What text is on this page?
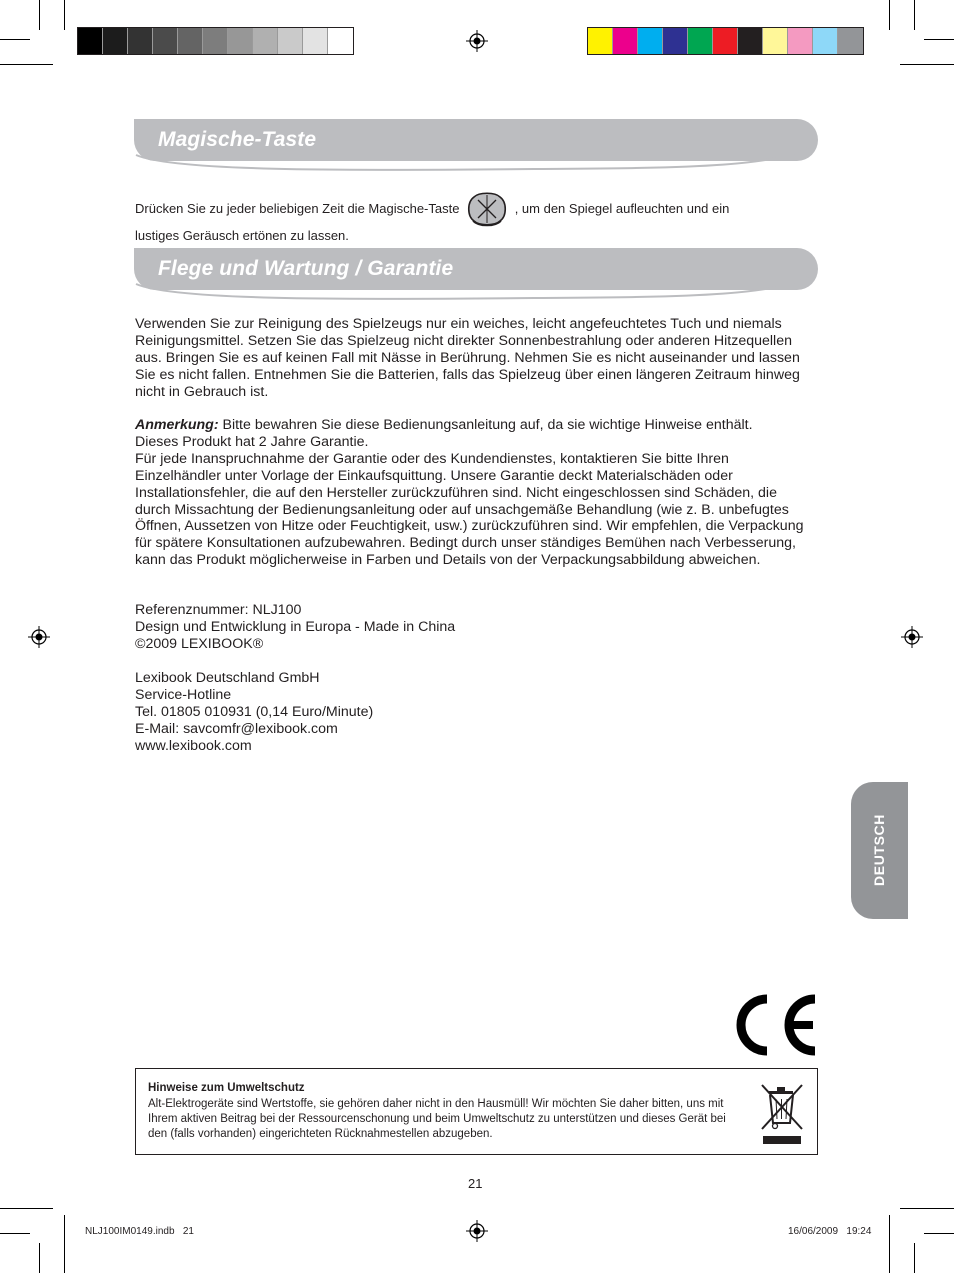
Magische-Taste
Drücken Sie zu jeder beliebigen Zeit die Magische-Taste	, um den Spiegel aufleuchten und ein
lustiges Geräusch ertönen zu lassen.
Flege und Wartung / Garantie
Verwenden Sie zur Reinigung des Spielzeugs nur ein weiches, leicht angefeuchtetes Tuch und niemals Reinigungsmittel. Setzen Sie das Spielzeug nicht direkter Sonnenbestrahlung oder anderen Hitzequellen aus. Bringen Sie es auf keinen Fall mit Nässe in Berührung. Nehmen Sie es nicht auseinander und lassen Sie es nicht fallen. Entnehmen Sie die Batterien, falls das Spielzeug über einen längeren Zeitraum hinweg nicht in Gebrauch ist.
Anmerkung: Bitte bewahren Sie diese Bedienungsanleitung auf, da sie wichtige Hinweise enthält.
Dieses Produkt hat 2 Jahre Garantie.
Für jede Inanspruchnahme der Garantie oder des Kundendienstes, kontaktieren Sie bitte Ihren Einzelhändler unter Vorlage der Einkaufsquittung. Unsere Garantie deckt Materialschäden oder Installationsfehler, die auf den Hersteller zurückzuführen sind. Nicht eingeschlossen sind Schäden, die durch Missachtung der Bedienungsanleitung oder auf unsachgemäße Behandlung (wie z. B. unbefugtes Öffnen, Aussetzen von Hitze oder Feuchtigkeit, usw.) zurückzuführen sind. Wir empfehlen, die Verpackung für spätere Konsultationen aufzubewahren. Bedingt durch unser ständiges Bemühen nach Verbesserung, kann das Produkt möglicherweise in Farben und Details von der Verpackungsabbildung abweichen.
Referenznummer: NLJ100
Design und Entwicklung in Europa - Made in China
©2009 LEXIBOOK®
Lexibook Deutschland GmbH
Service-Hotline
Tel. 01805 010931 (0,14 Euro/Minute)
E-Mail: savcomfr@lexibook.com
www.lexibook.com
DEUTSCH
Hinweise zum Umweltschutz
Alt-Elektrogeräte sind Wertstoffe, sie gehören daher nicht in den Hausmüll! Wir möchten Sie daher bitten, uns mit Ihrem aktiven Beitrag bei der Ressourcenschonung und beim Umweltschutz zu unterstützen und dieses Gerät bei den (falls vorhanden) eingerichteten Rücknahmestellen abzugeben.
21
NLJ100IM0149.indb   21	16/06/2009   19:24
